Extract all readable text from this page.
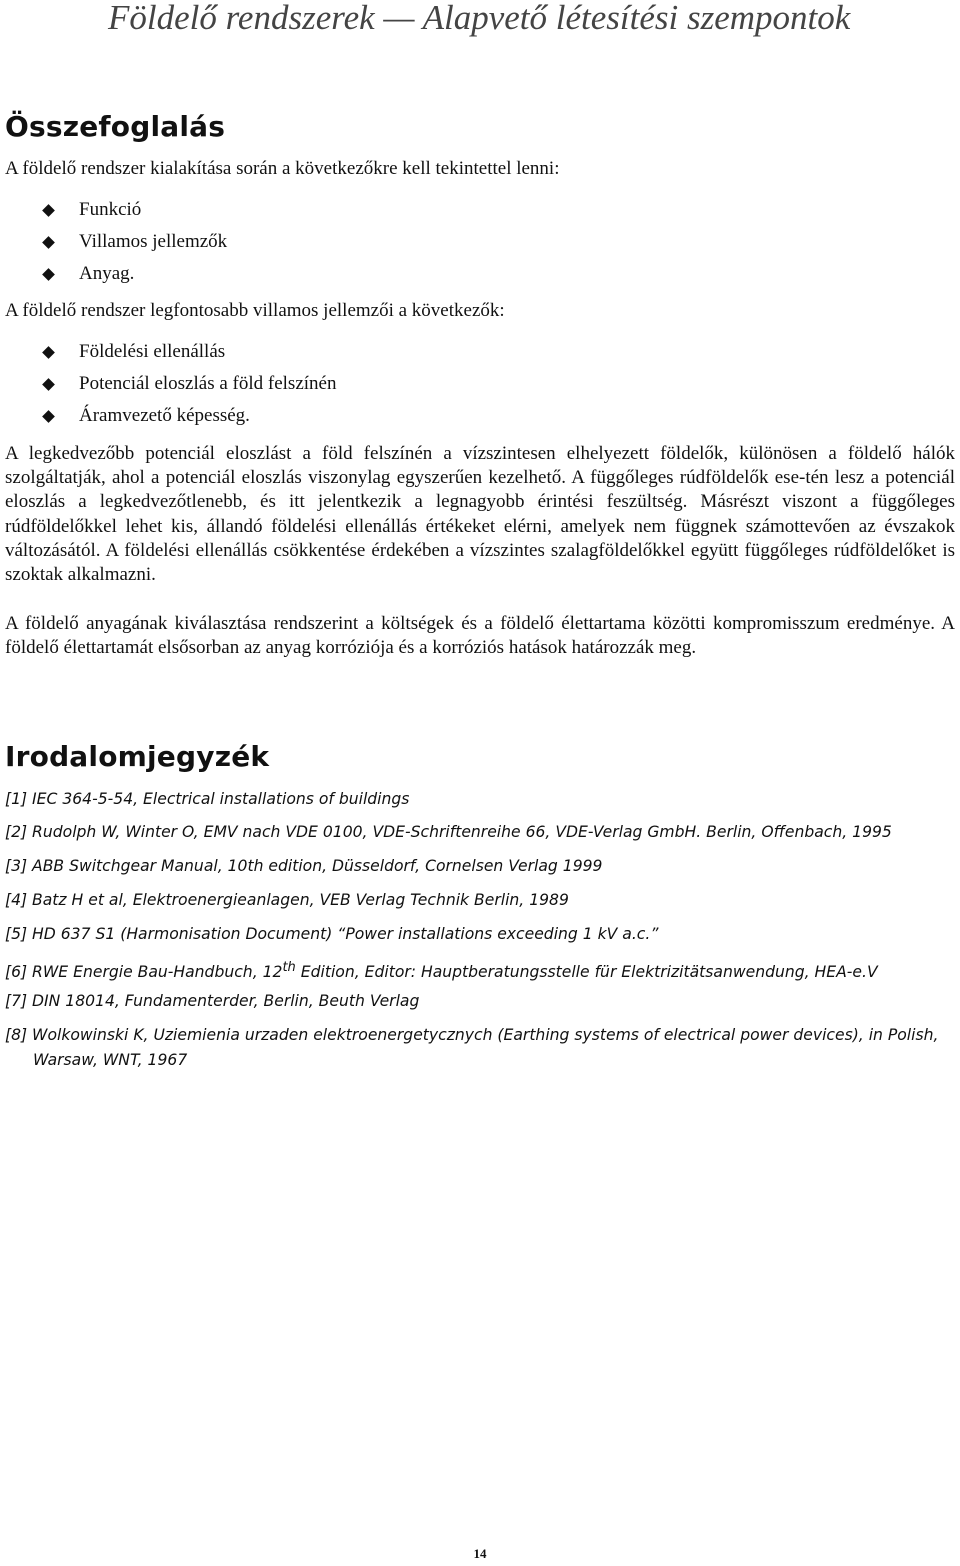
Földelő rendszerek — Alapvető létesítési szempontok
Összefoglalás

A földelő rendszer kialakítása során a következőkre kell tekintettel lenni:

Funkció
Villamos jellemzők
Anyag.

A földelő rendszer legfontosabb villamos jellemzői a következők:

Földelési ellenállás
Potenciál eloszlás a föld felszínén
Áramvezető képesség.

A legkedvezőbb potenciál eloszlást a föld felszínén a vízszintesen elhelyezett földelők, különösen a földelő hálók szolgáltatják, ahol a potenciál eloszlás viszonylag egyszerűen kezelhető. A függőleges rúdföldelők ese-tén lesz a potenciál eloszlás a legkedvezőtlenebb, és itt jelentkezik a legnagyobb érintési feszültség. Másrészt viszont a függőleges rúdföldelőkkel lehet kis, állandó földelési ellenállás értékeket elérni, amelyek nem függnek számottevően az évszakok változásától. A földelési ellenállás csökkentése érdekében a vízszintes szalagföldelőkkel együtt függőleges rúdföldelőket is szoktak alkalmazni.

A földelő anyagának kiválasztása rendszerint a költségek és a földelő élettartama közötti kompromisszum eredménye. A földelő élettartamát elsősorban az anyag korróziója és a korróziós hatások határozzák meg.

Irodalomjegyzék
[1] IEC 364-5-54, Electrical installations of buildings
[2] Rudolph W, Winter O, EMV nach VDE 0100, VDE-Schriftenreihe 66, VDE-Verlag GmbH. Berlin, Offenbach, 1995
[3] ABB Switchgear Manual, 10th edition, Düsseldorf, Cornelsen Verlag 1999
[4] Batz H et al, Elektroenergieanlagen, VEB Verlag Technik Berlin, 1989
[5] HD 637 S1 (Harmonisation Document) “Power installations exceeding 1 kV a.c.”
[6] RWE Energie Bau-Handbuch, 12th Edition, Editor: Hauptberatungsstelle für Elektrizitätsanwendung, HEA-e.V
[7] DIN 18014, Fundamenterder, Berlin, Beuth Verlag
[8] Wolkowinski K, Uziemienia urzaden elektroenergetycznych (Earthing systems of electrical power devices), in Polish,
Warsaw, WNT, 1967
14
